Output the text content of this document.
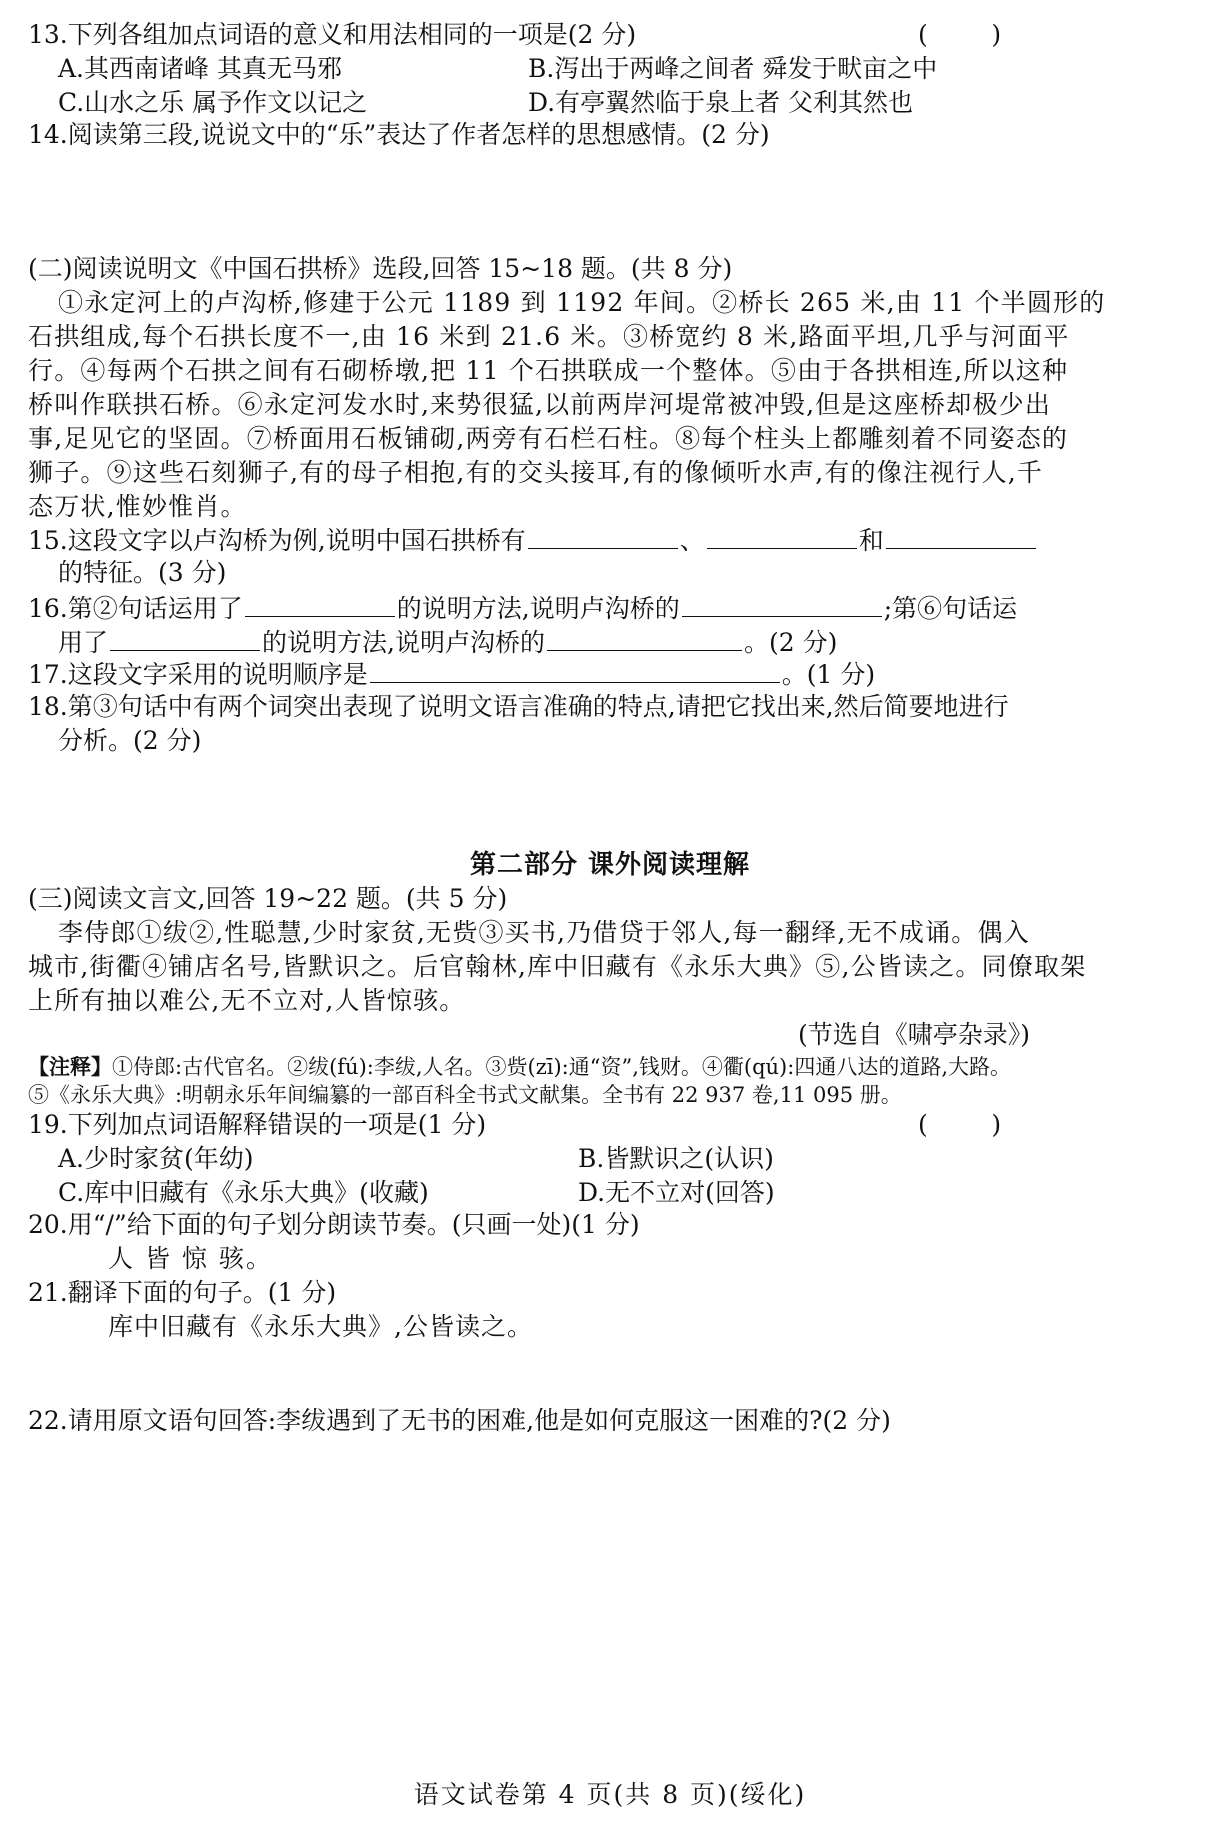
13.下列各组加点词语的意义和用法相同的一项是(2 分)	(        )
A.其西南诸峰 其真无马邪	B.泻出于两峰之间者 舜发于畎亩之中
C.山水之乐 属予作文以记之	D.有亭翼然临于泉上者 父利其然也
14.阅读第三段,说说文中的“乐”表达了作者怎样的思想感情。(2 分)
(二)阅读说明文《中国石拱桥》选段,回答 15~18 题。(共 8 分)
①永定河上的卢沟桥,修建于公元 1189 到 1192 年间。②桥长 265 米,由 11 个半圆形的
石拱组成,每个石拱长度不一,由 16 米到 21.6 米。③桥宽约 8 米,路面平坦,几乎与河面平
行。④每两个石拱之间有石砌桥墩,把 11 个石拱联成一个整体。⑤由于各拱相连,所以这种
桥叫作联拱石桥。⑥永定河发水时,来势很猛,以前两岸河堤常被冲毁,但是这座桥却极少出
事,足见它的坚固。⑦桥面用石板铺砌,两旁有石栏石柱。⑧每个柱头上都雕刻着不同姿态的
狮子。⑨这些石刻狮子,有的母子相抱,有的交头接耳,有的像倾听水声,有的像注视行人,千
态万状,惟妙惟肖。
15.这段文字以卢沟桥为例,说明中国石拱桥有	、	和
的特征。(3 分)
16.第②句话运用了	的说明方法,说明卢沟桥的	;第⑥句话运
用了	的说明方法,说明卢沟桥的	。(2 分)
17.这段文字采用的说明顺序是	。(1 分)
18.第③句话中有两个词突出表现了说明文语言准确的特点,请把它找出来,然后简要地进行
分析。(2 分)
第二部分 课外阅读理解
(三)阅读文言文,回答 19~22 题。(共 5 分)
李侍郎①绂②,性聪慧,少时家贫,无赀③买书,乃借贷于邻人,每一翻绎,无不成诵。偶入
城市,街衢④铺店名号,皆默识之。后官翰林,库中旧藏有《永乐大典》⑤,公皆读之。同僚取架
上所有抽以难公,无不立对,人皆惊骇。
(节选自《啸亭杂录》)
【注释】①侍郎:古代官名。②绂(fú):李绂,人名。③赀(zī):通“资”,钱财。④衢(qú):四通八达的道路,大路。
⑤《永乐大典》:明朝永乐年间编纂的一部百科全书式文献集。全书有 22 937 卷,11 095 册。
19.下列加点词语解释错误的一项是(1 分)	(        )
A.少时家贫(年幼)	B.皆默识之(认识)
C.库中旧藏有《永乐大典》(收藏)	D.无不立对(回答)
20.用“/”给下面的句子划分朗读节奏。(只画一处)(1 分)
人 皆 惊 骇。
21.翻译下面的句子。(1 分)
库中旧藏有《永乐大典》,公皆读之。
22.请用原文语句回答:李绂遇到了无书的困难,他是如何克服这一困难的?(2 分)
语文试卷第 4 页(共 8 页)(绥化)
